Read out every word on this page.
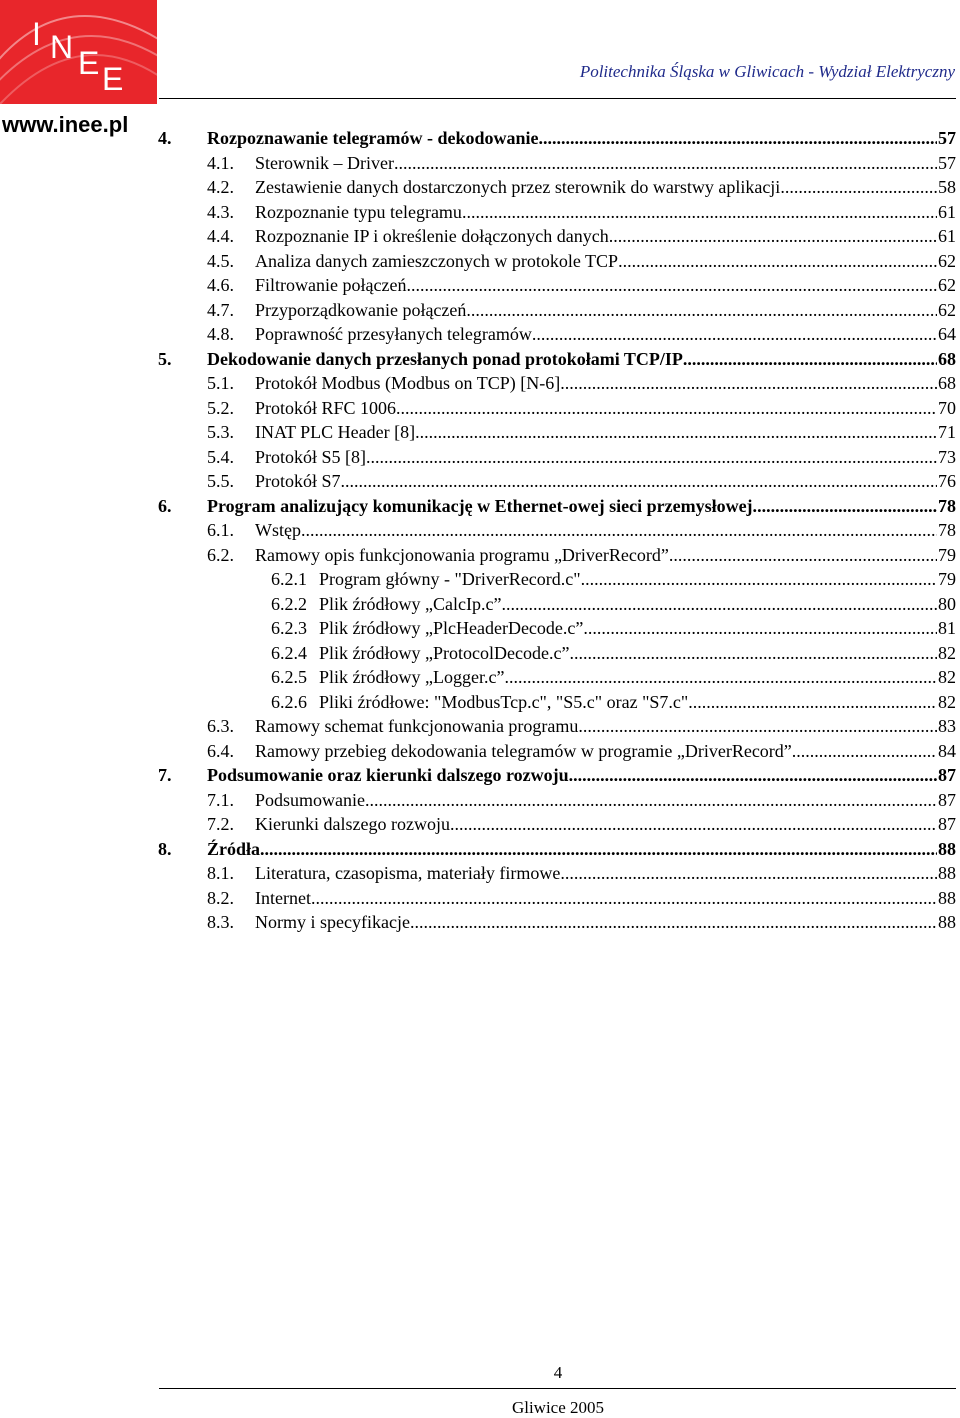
I N E E
www.inee.pl
Politechnika Śląska w Gliwicach - Wydział Elektryczny
4.	Rozpoznawanie telegramów - dekodowanie .....	57
4.1.	Sterownik – Driver .....	57
4.2.	Zestawienie danych dostarczonych przez sterownik do warstwy aplikacji .....	58
4.3.	Rozpoznanie typu telegramu .....	61
4.4.	Rozpoznanie IP i określenie dołączonych danych .....	61
4.5.	Analiza danych zamieszczonych w protokole TCP .....	62
4.6.	Filtrowanie połączeń .....	62
4.7.	Przyporządkowanie połączeń .....	62
4.8.	Poprawność przesyłanych telegramów .....	64
5.	Dekodowanie danych przesłanych ponad protokołami TCP/IP .....	68
5.1.	Protokół Modbus (Modbus on TCP) [N-6] .....	68
5.2.	Protokół RFC 1006 .....	70
5.3.	INAT PLC Header [8] .....	71
5.4.	Protokół S5 [8] .....	73
5.5.	Protokół S7 .....	76
6.	Program analizujący komunikację w Ethernet-owej sieci przemysłowej. .....	78
6.1.	Wstęp .....	78
6.2.	Ramowy opis funkcjonowania programu „DriverRecord” .....	79
6.2.1 Program główny - "DriverRecord.c" .....	79
6.2.2 Plik źródłowy „CalcIp.c” .....	80
6.2.3 Plik źródłowy „PlcHeaderDecode.c” .....	81
6.2.4 Plik źródłowy „ProtocolDecode.c” .....	82
6.2.5 Plik źródłowy „Logger.c” .....	82
6.2.6 Pliki źródłowe: "ModbusTcp.c", "S5.c" oraz "S7.c" .....	82
6.3.	Ramowy schemat funkcjonowania programu .....	83
6.4.	Ramowy przebieg dekodowania telegramów w programie „DriverRecord” .....	84
7.	Podsumowanie oraz kierunki dalszego rozwoju. .....	87
7.1.	Podsumowanie .....	87
7.2.	Kierunki dalszego rozwoju .....	87
8.	Źródła .....	88
8.1.	Literatura, czasopisma, materiały firmowe .....	88
8.2.	Internet .....	88
8.3.	Normy i specyfikacje .....	88
4
Gliwice 2005
